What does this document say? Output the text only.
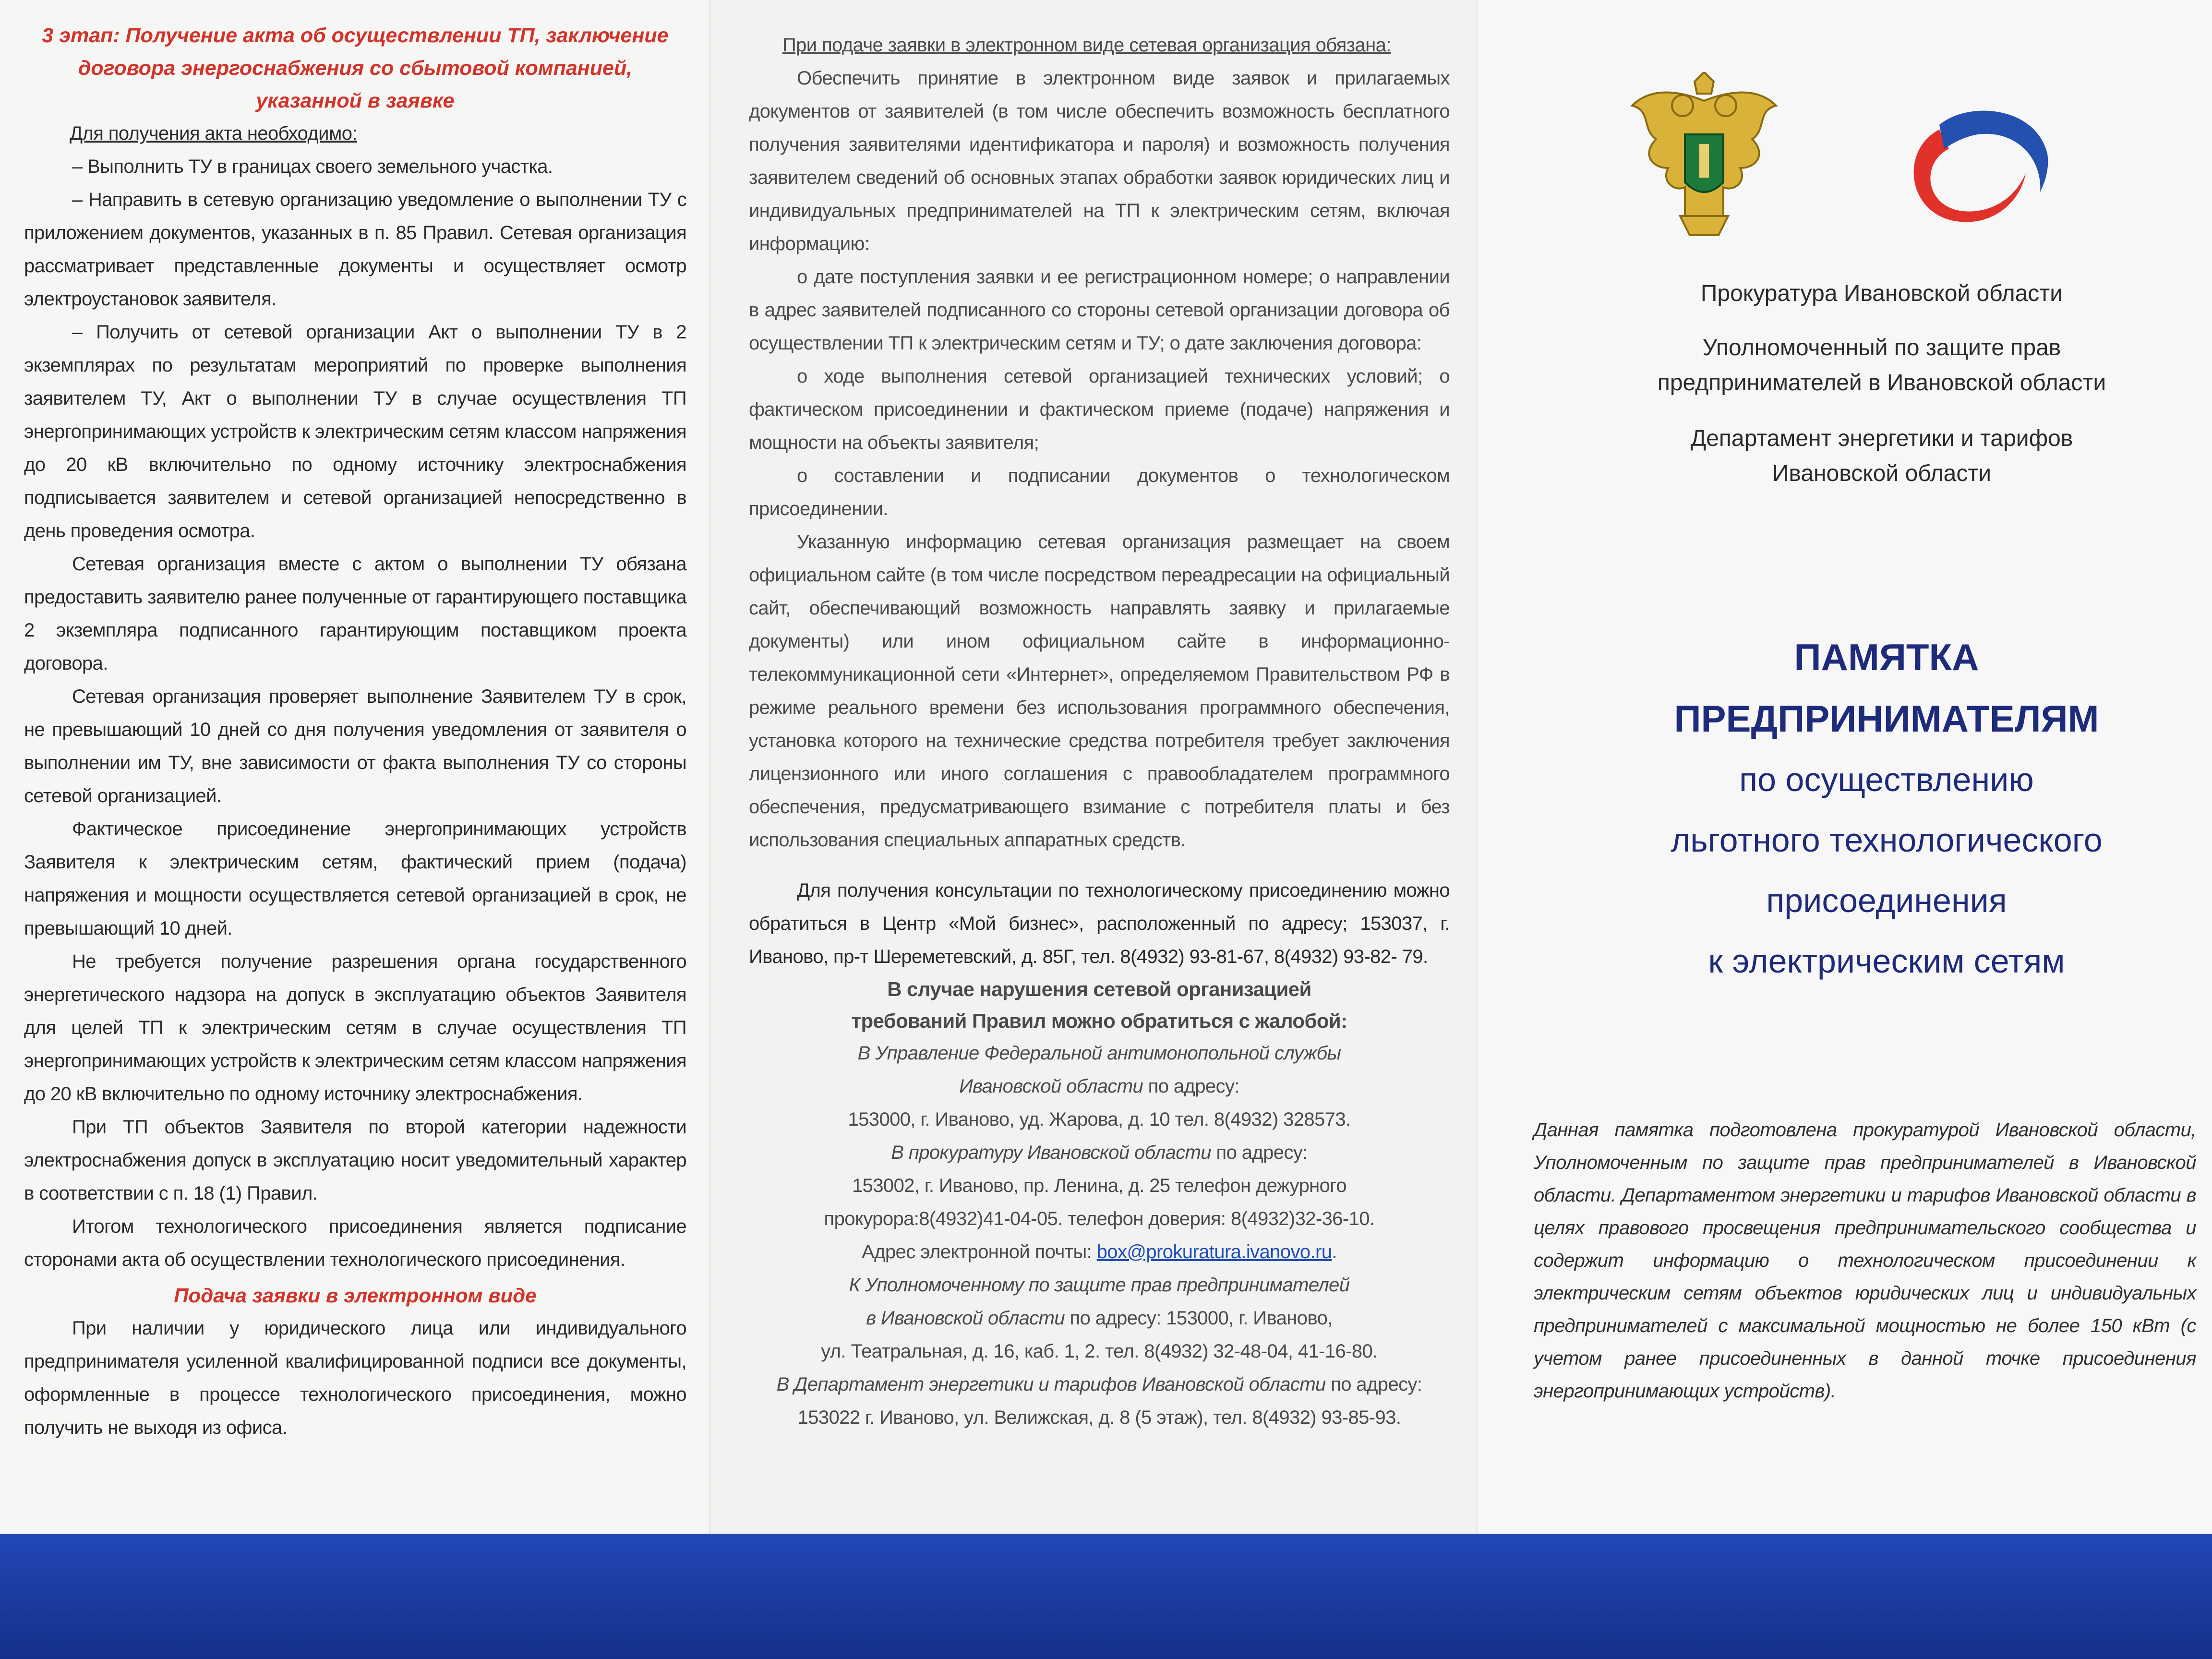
3 этап: Получение акта об осуществлении ТП, заключение договора энергоснабжения со сбытовой компанией, указанной в заявке

Для получения акта необходимо:

– Выполнить ТУ в границах своего земельного участка.

– Направить в сетевую организацию уведомление о выполнении ТУ с приложением документов, указанных в п. 85 Правил. Сетевая организация рассматривает представленные документы и осуществляет осмотр электроустановок заявителя.

– Получить от сетевой организации Акт о выполнении ТУ в 2 экземплярах по результатам мероприятий по проверке выполнения заявителем ТУ, Акт о выполнении ТУ в случае осуществления ТП энергопринимающих устройств к электрическим сетям классом напряжения до 20 кВ включительно по одному источнику электроснабжения подписывается заявителем и сетевой организацией непосредственно в день проведения осмотра.

Сетевая организация вместе с актом о выполнении ТУ обязана предоставить заявителю ранее полученные от гарантирующего поставщика 2 экземпляра подписанного гарантирующим поставщиком проекта договора.

Сетевая организация проверяет выполнение Заявителем ТУ в срок, не превышающий 10 дней со дня получения уведомления от заявителя о выполнении им ТУ, вне зависимости от факта выполнения ТУ со стороны сетевой организацией.

Фактическое присоединение энергопринимающих устройств Заявителя к электрическим сетям, фактический прием (подача) напряжения и мощности осуществляется сетевой организацией в срок, не превышающий 10 дней.

Не требуется получение разрешения органа государственного энергетического надзора на допуск в эксплуатацию объектов Заявителя для целей ТП к электрическим сетям в случае осуществления ТП энергопринимающих устройств к электрическим сетям классом напряжения до 20 кВ включительно по одному источнику электроснабжения.

При ТП объектов Заявителя по второй категории надежности электроснабжения допуск в эксплуатацию носит уведомительный характер в соответствии с п. 18 (1) Правил.

Итогом технологического присоединения является подписание сторонами акта об осуществлении технологического присоединения.

Подача заявки в электронном виде

При наличии у юридического лица или индивидуального предпринимателя усиленной квалифицированной подписи все документы, оформленные в процессе технологического присоединения, можно получить не выходя из офиса.

При подаче заявки в электронном виде сетевая организация обязана:

Обеспечить принятие в электронном виде заявок и прилагаемых документов от заявителей (в том числе обеспечить возможность бесплатного получения заявителями идентификатора и пароля) и возможность получения заявителем сведений об основных этапах обработки заявок юридических лиц и индивидуальных предпринимателей на ТП к электрическим сетям, включая информацию:

о дате поступления заявки и ее регистрационном номере; о направлении в адрес заявителей подписанного со стороны сетевой организации договора об осуществлении ТП к электрическим сетям и ТУ; о дате заключения договора:

о ходе выполнения сетевой организацией технических условий; о фактическом присоединении и фактическом приеме (подаче) напряжения и мощности на объекты заявителя;

о составлении и подписании документов о технологическом присоединении.

Указанную информацию сетевая организация размещает на своем официальном сайте (в том числе посредством переадресации на официальный сайт, обеспечивающий возможность направлять заявку и прилагаемые документы) или ином официальном сайте в информационно-телекоммуникационной сети «Интернет», определяемом Правительством РФ в режиме реального времени без использования программного обеспечения, установка которого на технические средства потребителя требует заключения лицензионного или иного соглашения с правообладателем программного обеспечения, предусматривающего взимание с потребителя платы и без использования специальных аппаратных средств.

Для получения консультации по технологическому присоединению можно обратиться в Центр «Мой бизнес», расположенный по адресу; 153037, г. Иваново, пр-т Шереметевский, д. 85Г, тел. 8(4932) 93-81-67, 8(4932) 93-82- 79.

В случае нарушения сетевой организацией

требований Правил можно обратиться с жалобой:

В Управление Федеральной антимонопольной службы

Ивановской области по адресу:

153000, г. Иваново, уд. Жарова, д. 10 тел. 8(4932) 328573.

В прокуратуру Ивановской области по адресу:

153002, г. Иваново, пр. Ленина, д. 25 телефон дежурного

прокурора:8(4932)41-04-05. телефон доверия: 8(4932)32-36-10.

Адрес электронной почты: box@prokuratura.ivanovo.ru.

К Уполномоченному по защите прав предпринимателей

в Ивановской области по адресу: 153000, г. Иваново,

ул. Театральная, д. 16, каб. 1, 2. тел. 8(4932) 32-48-04, 41-16-80.

В Департамент энергетики и тарифов Ивановской области по адресу:

153022 г. Иваново, ул. Велижская, д. 8 (5 этаж), тел. 8(4932) 93-85-93.

Прокуратура Ивановской области
Уполномоченный по защите прав
предпринимателей в Ивановской области
Департамент энергетики и тарифов
Ивановской области
ПАМЯТКА
ПРЕДПРИНИМАТЕЛЯМ
по осуществлению
льготного технологического
присоединения
к электрическим сетям

Данная памятка подготовлена прокуратурой Ивановской области, Уполномоченным по защите прав предпринимателей в Ивановской области. Департаментом энергетики и тарифов Ивановской области в целях правового просвещения предпринимательского сообщества и содержит информацию о технологическом присоединении к электрическим сетям объектов юридических лиц и индивидуальных предпринимателей с максимальной мощностью не более 150 кВт (с учетом ранее присоединенных в данной точке присоединения энергопринимающих устройств).
